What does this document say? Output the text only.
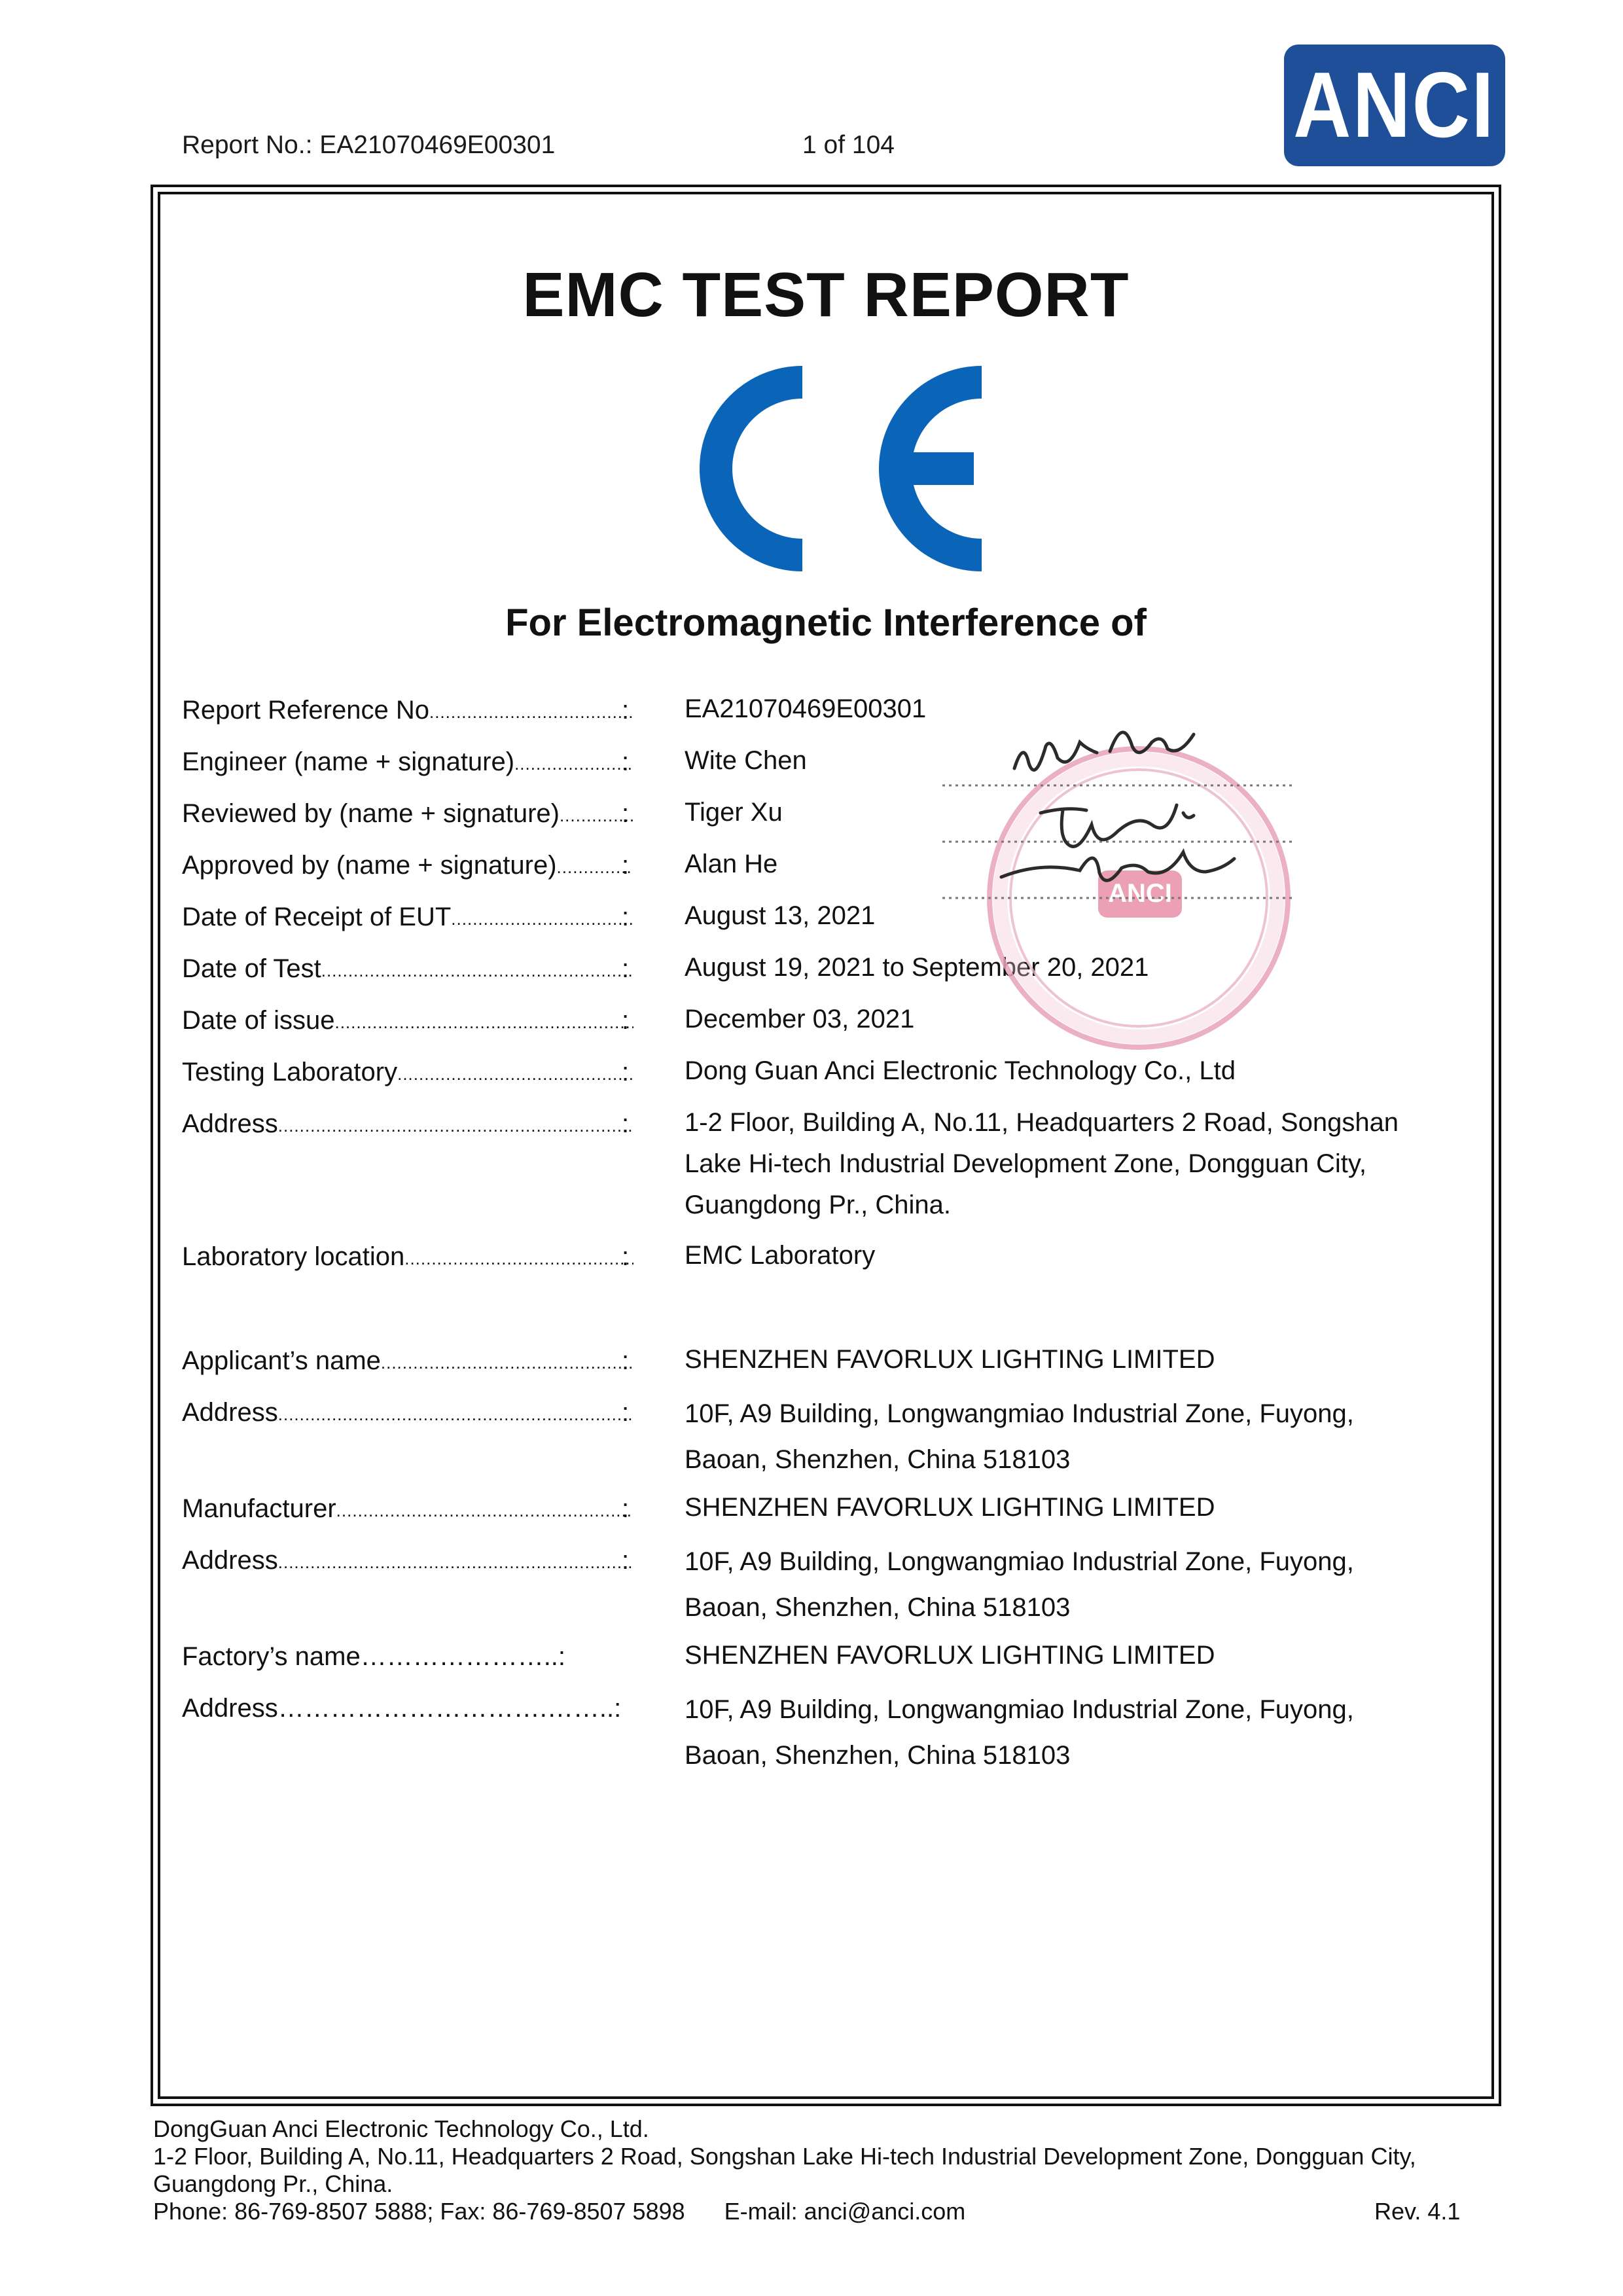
Report No.: EA21070469E00301	1 of 104	ANCI
EMC TEST REPORT
For Electromagnetic Interference of
Report Reference No .....	: EA21070469E00301
Engineer (name + signature) .....	: Wite Chen
Reviewed by (name + signature) ..... : Tiger Xu
Approved by (name + signature) ..... : Alan He
Date of Receipt of EUT .....	: August 13, 2021
Date of Test .....	: August 19, 2021 to September 20, 2021
Date of issue .....	: December 03, 2021
Testing Laboratory .....	: Dong Guan Anci Electronic Technology Co., Ltd
Address .....	: 1-2 Floor, Building A, No.11, Headquarters 2 Road, Songshan
Lake Hi-tech Industrial Development Zone, Dongguan City,
Guangdong Pr., China.
Laboratory location .....	: EMC Laboratory
Applicant’s name .....	: SHENZHEN FAVORLUX LIGHTING LIMITED
Address .....	: 10F, A9 Building, Longwangmiao Industrial Zone, Fuyong,
Baoan, Shenzhen, China 518103
Manufacturer .....	: SHENZHEN FAVORLUX LIGHTING LIMITED
Address .....	: 10F, A9 Building, Longwangmiao Industrial Zone, Fuyong,
Baoan, Shenzhen, China 518103
Factory’s name…………………..:	SHENZHEN FAVORLUX LIGHTING LIMITED
Address………………………….……..: 10F, A9 Building, Longwangmiao Industrial Zone, Fuyong,
Baoan, Shenzhen, China 518103
ANCI
DongGuan Anci Electronic Technology Co., Ltd.
1-2 Floor, Building A, No.11, Headquarters 2 Road, Songshan Lake Hi-tech Industrial Development Zone, Dongguan City,
Guangdong Pr., China.
Phone: 86-769-8507 5888; Fax: 86-769-8507 5898      E-mail: anci@anci.com	Rev. 4.1
